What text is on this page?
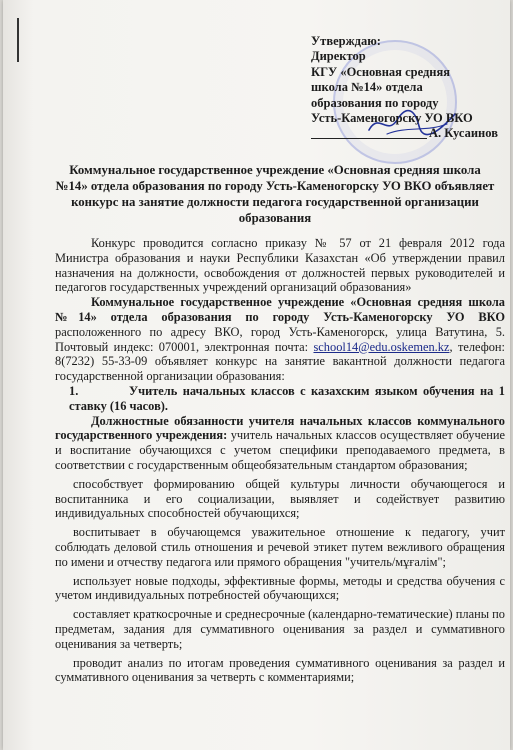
Утверждаю:
Директор
КГУ «Основная средняя
школа №14» отдела
образования по городу
Усть-Каменогорску УО ВКО
А. Кусаинов
Коммунальное государственное учреждение «Основная средняя школа №14» отдела образования по городу Усть-Каменогорску УО ВКО объявляет конкурс на занятие должности педагога государственной организации образования

Конкурс проводится согласно приказу № 57 от 21 февраля 2012 года Министра образования и науки Республики Казахстан «Об утверждении правил назначения на должности, освобождения от должностей первых руководителей и педагогов государственных учреждений организаций образования»

Коммунальное государственное учреждение «Основная средняя школа №14» отдела образования по городу Усть-Каменогорску УО ВКО расположенного по адресу ВКО, город Усть-Каменогорск, улица Ватутина, 5. Почтовый индекс: 070001, электронная почта: school14@edu.oskemen.kz, телефон: 8(7232) 55-33-09 объявляет конкурс на занятие вакантной должности педагога государственной организации образования:

1.	Учитель начальных классов с казахским языком обучения на 1 ставку (16 часов).

Должностные обязанности учителя начальных классов коммунального государственного учреждения: учитель начальных классов осуществляет обучение и воспитание обучающихся с учетом специфики преподаваемого предмета, в соответствии с государственным общеобязательным стандартом образования;

способствует формированию общей культуры личности обучающегося и воспитанника и его социализации, выявляет и содействует развитию индивидуальных способностей обучающихся;

воспитывает в обучающемся уважительное отношение к педагогу, учит соблюдать деловой стиль отношения и речевой этикет путем вежливого обращения по имени и отчеству педагога или прямого обращения "учитель/мұғалім";

использует новые подходы, эффективные формы, методы и средства обучения с учетом индивидуальных потребностей обучающихся;

составляет краткосрочные и среднесрочные (календарно-тематические) планы по предметам, задания для суммативного оценивания за раздел и суммативного оценивания за четверть;

проводит анализ по итогам проведения суммативного оценивания за раздел и суммативного оценивания за четверть с комментариями;
